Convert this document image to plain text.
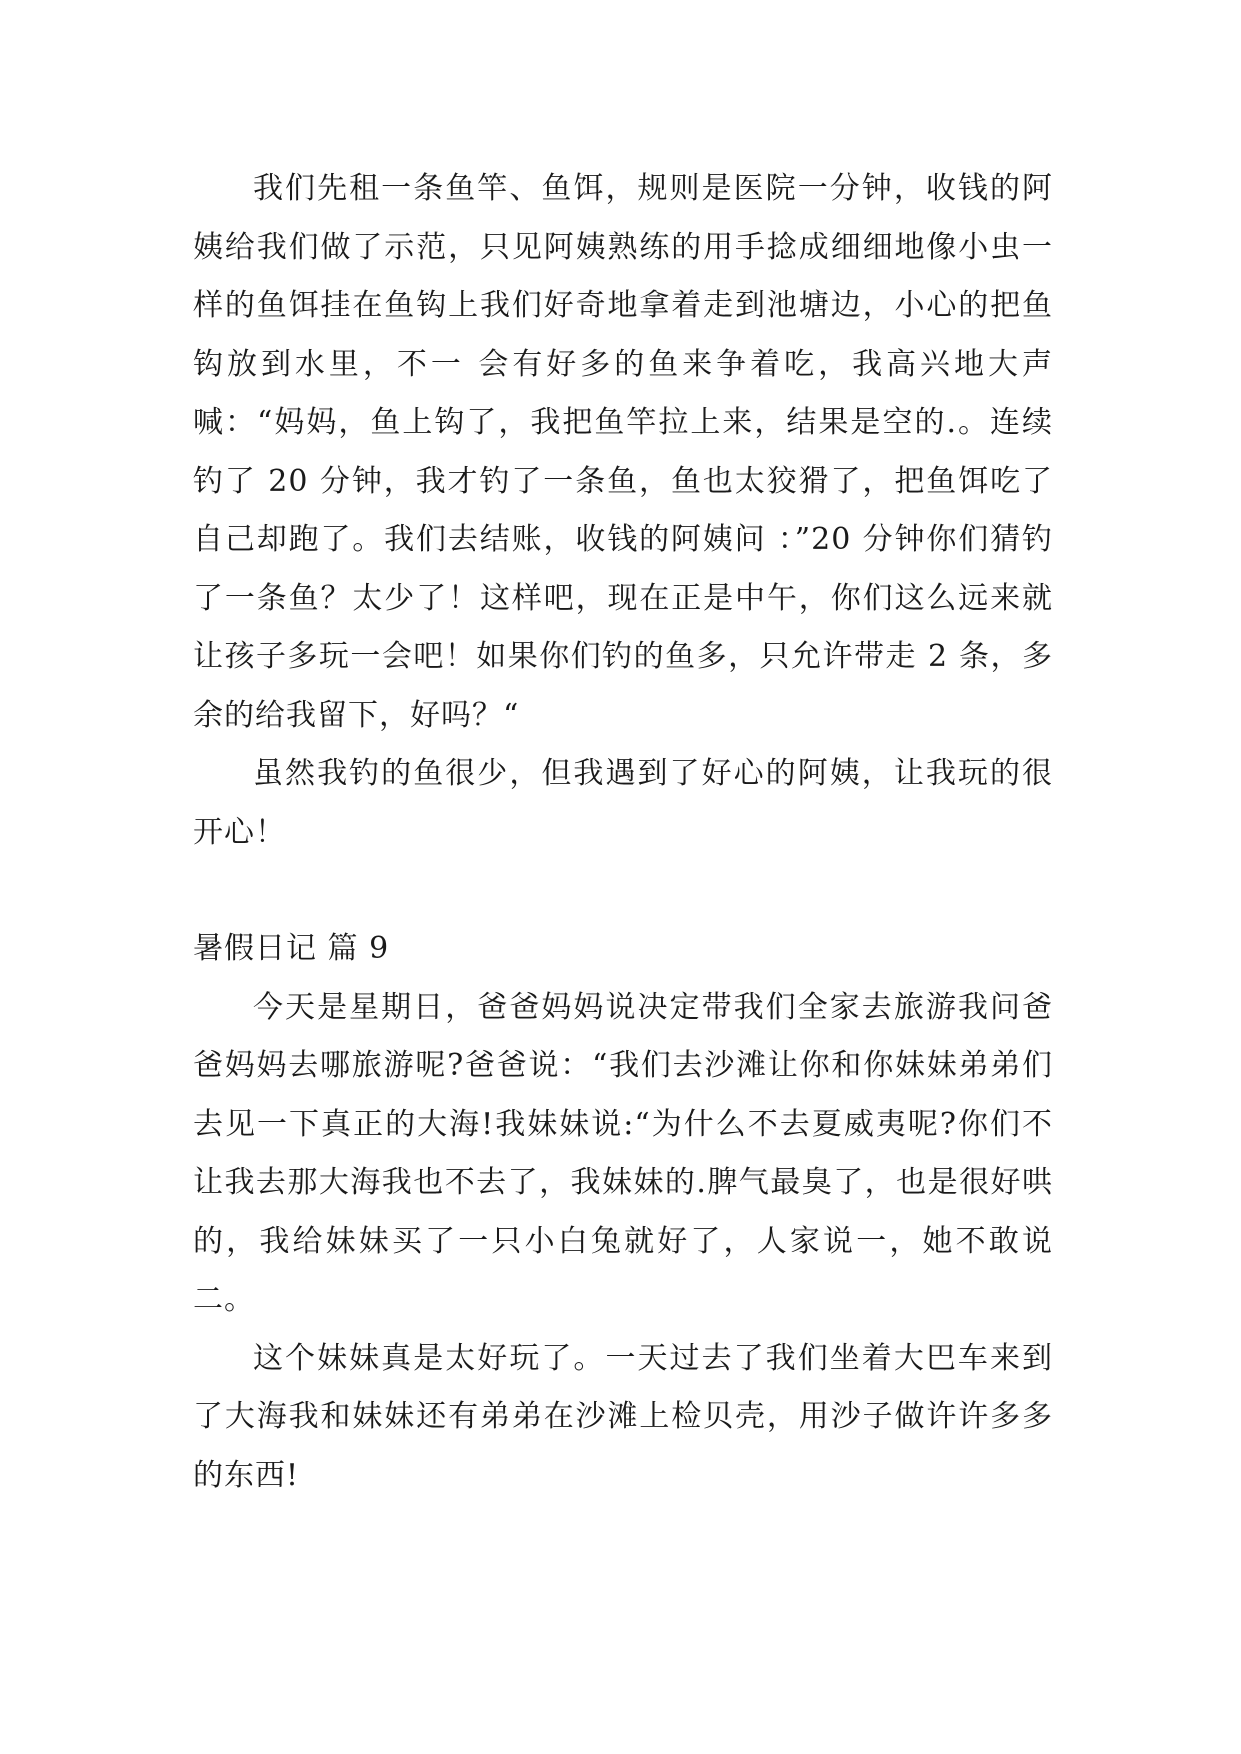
我们先租一条鱼竿、鱼饵，规则是医院一分钟，收钱的阿姨给我们做了示范，只见阿姨熟练的用手捻成细细地像小虫一样的鱼饵挂在鱼钩上我们好奇地拿着走到池塘边，小心的把鱼钩放到水里，不一 会有好多的鱼来争着吃，我高兴地大声喊：“妈妈，鱼上钩了，我把鱼竿拉上来，结果是空的.。连续钓了 20 分钟，我才钓了一条鱼，鱼也太狡猾了，把鱼饵吃了自己却跑了。我们去结账，收钱的阿姨问 ：”20 分钟你们猜钓了一条鱼？太少了！这样吧，现在正是中午，你们这么远来就让孩子多玩一会吧！如果你们钓的鱼多，只允许带走 2 条，多余的给我留下，好吗？“

虽然我钓的鱼很少，但我遇到了好心的阿姨，让我玩的很开心！

暑假日记 篇 9

今天是星期日，爸爸妈妈说决定带我们全家去旅游我问爸爸妈妈去哪旅游呢?爸爸说：“我们去沙滩让你和你妹妹弟弟们去见一下真正的大海!我妹妹说:“为什么不去夏威夷呢?你们不让我去那大海我也不去了，我妹妹的.脾气最臭了，也是很好哄的，我给妹妹买了一只小白兔就好了，人家说一，她不敢说二。

这个妹妹真是太好玩了。一天过去了我们坐着大巴车来到了大海我和妹妹还有弟弟在沙滩上检贝壳，用沙子做许许多多的东西!
